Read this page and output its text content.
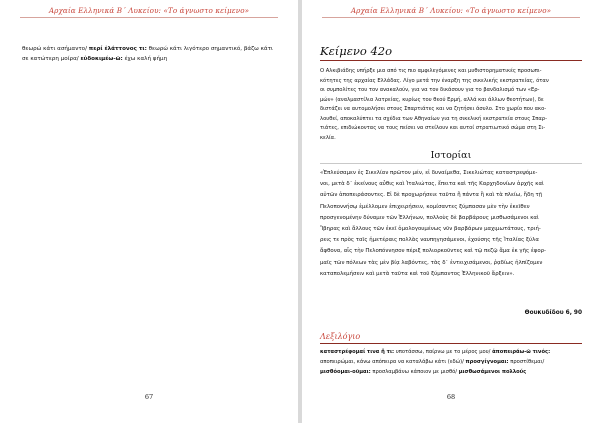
Αρχαία Ελληνικά Β΄ Λυκείου: «Το άγνωστο κείμενο»
θεωρώ κάτι ασήμαντο/ περί ἐλάττονος τι: θεωρώ κάτι λιγότερο σημαντικό, βάζω κάτι
σε κατώτερη μοίρα/ εὐδοκιμέω-ῶ: έχω καλή φήμη
67
Αρχαία Ελληνικά Β΄ Λυκείου: «Το άγνωστο κείμενο»
Κείμενο 42ο
Ο Αλκιβιάδης υπήρξε μια από τις πιο αμφιλεγόμενες και μυθιστορηματικές προσωπι-
κότητες της αρχαίας Ελλάδας. Λίγο μετά την έναρξη της σικελικής εκστρατείας, όταν
οι συμπολίτες του τον ανακαλούν, για να τον δικάσουν για το βανδαλισμό των «Ερ-
μών» (αναλμαστίλια λατρείας, κυρίως του θεού Ερμή, αλλά και άλλων θεοτήτων), δε
διστάζει να αυτομολήσει στους Σπαρτιάτες και να ζητήσει άσυλο. Στο χωρίο που ακο-
λουθεί, αποκαλύπτει τα σχέδια των Αθηναίων για τη σικελική εκστρατεία στους Σπαρ-
τιάτες, επιδιώκοντας να τους πείσει να στείλουν και αυτοί στρατιωτικό σώμα στη Σι-
κελία.
Ιστορίαι
«Ἐπλεύσαμεν ἐς Σικελίαν πρῶτον μέν, εἰ δυναίμεθα, Σικελιώτας καταστρεψόμε-
νοι, μετὰ δ᾽ ἐκείνους αὖθις καὶ Ἰταλιώτας, ἔπειτα καὶ τῆς Καρχηδονίων ἀρχῆς καὶ
αὐτῶν ἀποπειράσοντες. Εἰ δὲ προχωρήσειε ταῦτα ἢ πάντα ἢ καὶ τὰ πλείω, ἤδη τῇ
Πελοποννήσῳ ἐμέλλομεν ἐπιχειρήσειν, κομίσαντες ξύμπασαν μὲν τὴν ἐκεῖθεν
προσγενομένην δύναμιν τῶν Ἑλλήνων, πολλοὺς δὲ βαρβάρους μισθωσάμενοι καὶ
Ἴβηρας καὶ ἄλλους τῶν ἐκεῖ ὁμολογουμένως νῦν βαρβάρων μαχιμωτάτους, τριή-
ρεις τε πρὸς ταῖς ἡμετέραις πολλὰς ναυπηγησάμενοι, ἐχούσης τῆς Ἰταλίας ξύλα
ἄφθονα, αἷς τὴν Πελοπόννησον πέριξ πολιορκοῦντες καὶ τῷ πεζῷ ἅμα ἐκ γῆς ἐφορ-
μαῖς τῶν πόλεων τὰς μὲν βίᾳ λαβόντες, τὰς δ᾽ ἐντειχισάμενοι, ῥᾳδίως ἠλπίζομεν
καταπολεμήσειν καὶ μετὰ ταῦτα καὶ τοῦ ξύμπαντος Ἑλληνικοῦ ἄρξειν».
Θουκυδίδου 6, 90
Λεξιλόγιο
καταστρέφομαί τινα ἤ τι: υποτάσσω, παίρνω με το μέρος μου/ ἀποπειράω-ῶ τινός:
αποπειρώμαι, κάνω απόπειρα να καταλάβω κάτι (εδώ)/ προσγίγνομαι: προστίθεμαι/
μισθόομαι-οῦμαι: προσλαμβάνω κάποιον με μισθό/ μισθωσάμενοι πολλούς
68
